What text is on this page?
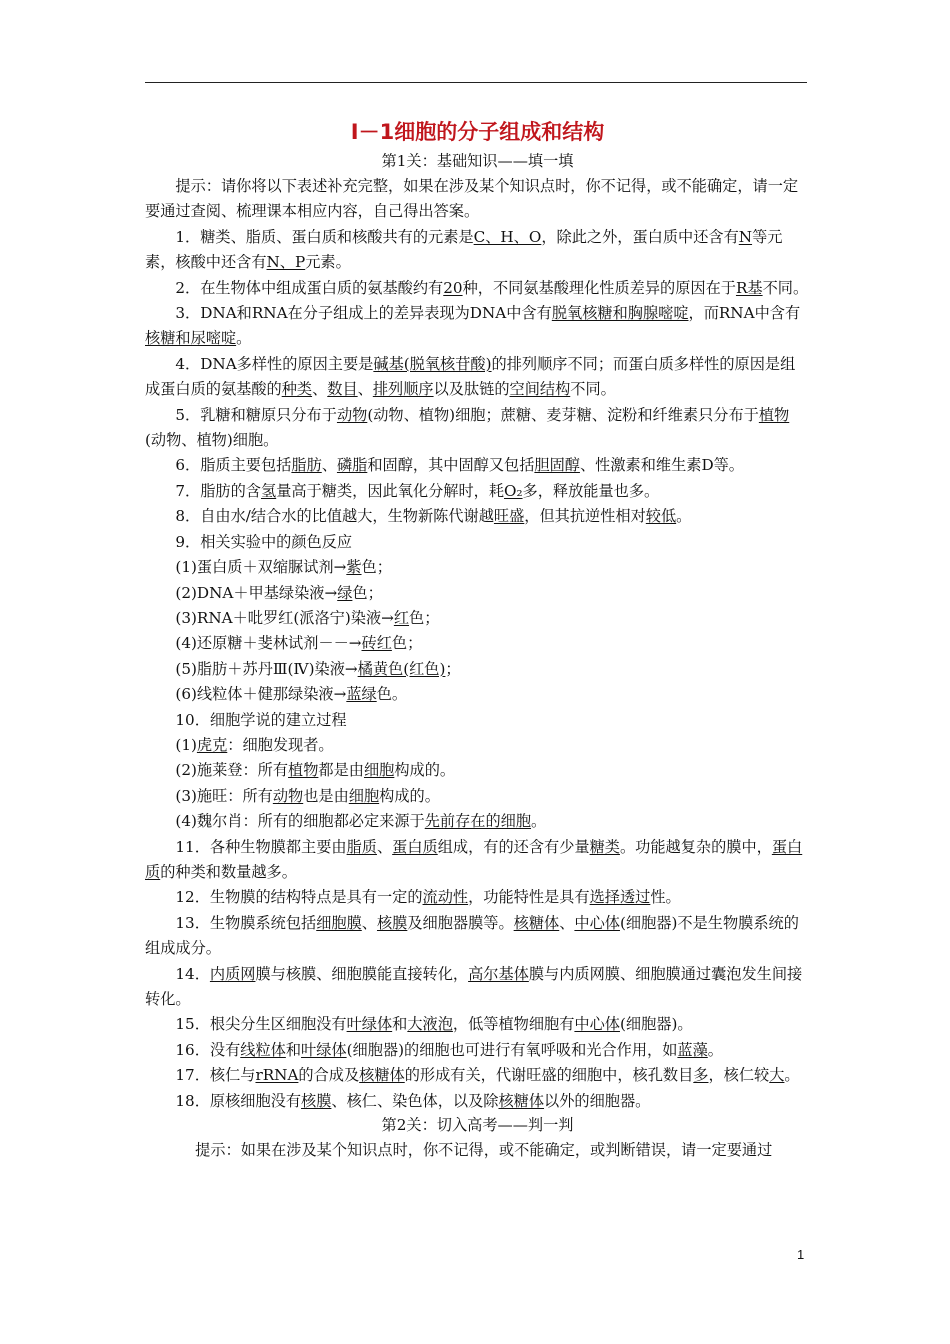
Ⅰ－1细胞的分子组成和结构
第1关：基础知识——填一填

提示：请你将以下表述补充完整，如果在涉及某个知识点时，你不记得，或不能确定，请一定要通过查阅、梳理课本相应内容，自己得出答案。

1．糖类、脂质、蛋白质和核酸共有的元素是C、H、O，除此之外，蛋白质中还含有N等元素，核酸中还含有N、P元素。

2．在生物体中组成蛋白质的氨基酸约有20种，不同氨基酸理化性质差异的原因在于R基不同。

3．DNA和RNA在分子组成上的差异表现为DNA中含有脱氧核糖和胸腺嘧啶，而RNA中含有核糖和尿嘧啶。

4．DNA多样性的原因主要是碱基(脱氧核苷酸)的排列顺序不同；而蛋白质多样性的原因是组成蛋白质的氨基酸的种类、数目、排列顺序以及肽链的空间结构不同。

5．乳糖和糖原只分布于动物(动物、植物)细胞；蔗糖、麦芽糖、淀粉和纤维素只分布于植物(动物、植物)细胞。

6．脂质主要包括脂肪、磷脂和固醇，其中固醇又包括胆固醇、性激素和维生素D等。

7．脂肪的含氢量高于糖类，因此氧化分解时，耗O₂多，释放能量也多。

8．自由水/结合水的比值越大，生物新陈代谢越旺盛，但其抗逆性相对较低。

9．相关实验中的颜色反应

(1)蛋白质＋双缩脲试剂→紫色；

(2)DNA＋甲基绿染液→绿色；

(3)RNA＋吡罗红(派洛宁)染液→红色；

(4)还原糖＋斐林试剂－－→砖红色；

(5)脂肪＋苏丹Ⅲ(Ⅳ)染液→橘黄色(红色)；

(6)线粒体＋健那绿染液→蓝绿色。

10．细胞学说的建立过程

(1)虎克：细胞发现者。

(2)施莱登：所有植物都是由细胞构成的。

(3)施旺：所有动物也是由细胞构成的。

(4)魏尔肖：所有的细胞都必定来源于先前存在的细胞。

11．各种生物膜都主要由脂质、蛋白质组成，有的还含有少量糖类。功能越复杂的膜中，蛋白质的种类和数量越多。

12．生物膜的结构特点是具有一定的流动性，功能特性是具有选择透过性。

13．生物膜系统包括细胞膜、核膜及细胞器膜等。核糖体、中心体(细胞器)不是生物膜系统的组成成分。

14．内质网膜与核膜、细胞膜能直接转化，高尔基体膜与内质网膜、细胞膜通过囊泡发生间接转化。

15．根尖分生区细胞没有叶绿体和大液泡，低等植物细胞有中心体(细胞器)。

16．没有线粒体和叶绿体(细胞器)的细胞也可进行有氧呼吸和光合作用，如蓝藻。

17．核仁与rRNA的合成及核糖体的形成有关，代谢旺盛的细胞中，核孔数目多，核仁较大。

18．原核细胞没有核膜、核仁、染色体，以及除核糖体以外的细胞器。

第2关：切入高考——判一判

提示：如果在涉及某个知识点时，你不记得，或不能确定，或判断错误，请一定要通过

1
